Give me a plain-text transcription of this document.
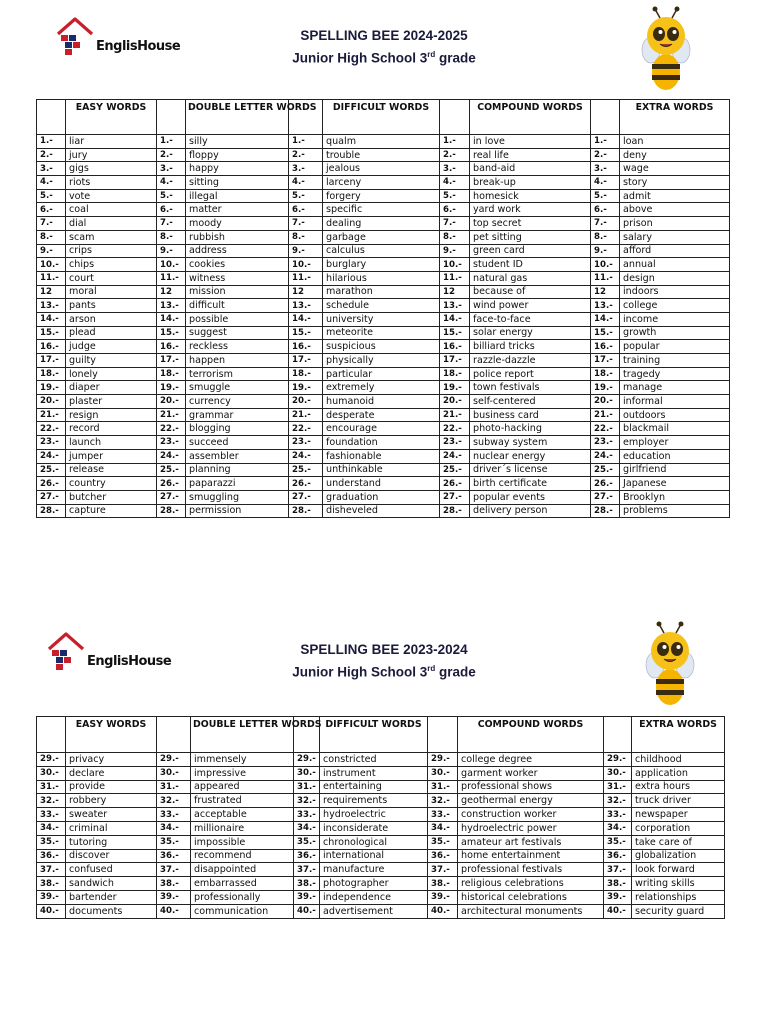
EnglisHouse
SPELLING BEE 2024-2025
Junior High School 3rd grade
	EASY WORDS		DOUBLE LETTER WORDS		DIFFICULT WORDS		COMPOUND WORDS		EXTRA WORDS
1.-	liar	1.-	silly	1.-	qualm	1.-	in love	1.-	loan
2.-	jury	2.-	floppy	2.-	trouble	2.-	real life	2.-	deny
3.-	gigs	3.-	happy	3.-	jealous	3.-	band-aid	3.-	wage
4.-	riots	4.-	sitting	4.-	larceny	4.-	break-up	4.-	story
5.-	vote	5.-	illegal	5.-	forgery	5.-	homesick	5.-	admit
6.-	coal	6.-	matter	6.-	specific	6.-	yard work	6.-	above
7.-	dial	7.-	moody	7.-	dealing	7.-	top secret	7.-	prison
8.-	scam	8.-	rubbish	8.-	garbage	8.-	pet sitting	8.-	salary
9.-	crips	9.-	address	9.-	calculus	9.-	green card	9.-	afford
10.-	chips	10.-	cookies	10.-	burglary	10.-	student ID	10.-	annual
11.-	court	11.-	witness	11.-	hilarious	11.-	natural gas	11.-	design
12	moral	12	mission	12	marathon	12	because of	12	indoors
13.-	pants	13.-	difficult	13.-	schedule	13.-	wind power	13.-	college
14.-	arson	14.-	possible	14.-	university	14.-	face-to-face	14.-	income
15.-	plead	15.-	suggest	15.-	meteorite	15.-	solar energy	15.-	growth
16.-	judge	16.-	reckless	16.-	suspicious	16.-	billiard tricks	16.-	popular
17.-	guilty	17.-	happen	17.-	physically	17.-	razzle-dazzle	17.-	training
18.-	lonely	18.-	terrorism	18.-	particular	18.-	police report	18.-	tragedy
19.-	diaper	19.-	smuggle	19.-	extremely	19.-	town festivals	19.-	manage
20.-	plaster	20.-	currency	20.-	humanoid	20.-	self-centered	20.-	informal
21.-	resign	21.-	grammar	21.-	desperate	21.-	business card	21.-	outdoors
22.-	record	22.-	blogging	22.-	encourage	22.-	photo-hacking	22.-	blackmail
23.-	launch	23.-	succeed	23.-	foundation	23.-	subway system	23.-	employer
24.-	jumper	24.-	assembler	24.-	fashionable	24.-	nuclear energy	24.-	education
25.-	release	25.-	planning	25.-	unthinkable	25.-	driver´s license	25.-	girlfriend
26.-	country	26.-	paparazzi	26.-	understand	26.-	birth certificate	26.-	Japanese
27.-	butcher	27.-	smuggling	27.-	graduation	27.-	popular events	27.-	Brooklyn
28.-	capture	28.-	permission	28.-	disheveled	28.-	delivery person	28.-	problems
EnglisHouse
SPELLING BEE 2023-2024
Junior High School 3rd grade
	EASY WORDS		DOUBLE LETTER WORDS		DIFFICULT WORDS		COMPOUND WORDS		EXTRA WORDS
29.-	privacy	29.-	immensely	29.-	constricted	29.-	college degree	29.-	childhood
30.-	declare	30.-	impressive	30.-	instrument	30.-	garment worker	30.-	application
31.-	provide	31.-	appeared	31.-	entertaining	31.-	professional shows	31.-	extra hours
32.-	robbery	32.-	frustrated	32.-	requirements	32.-	geothermal energy	32.-	truck driver
33.-	sweater	33.-	acceptable	33.-	hydroelectric	33.-	construction worker	33.-	newspaper
34.-	criminal	34.-	millionaire	34.-	inconsiderate	34.-	hydroelectric power	34.-	corporation
35.-	tutoring	35.-	impossible	35.-	chronological	35.-	amateur art festivals	35.-	take care of
36.-	discover	36.-	recommend	36.-	international	36.-	home entertainment	36.-	globalization
37.-	confused	37.-	disappointed	37.-	manufacture	37.-	professional festivals	37.-	look forward
38.-	sandwich	38.-	embarrassed	38.-	photographer	38.-	religious celebrations	38.-	writing skills
39.-	bartender	39.-	professionally	39.-	independence	39.-	historical celebrations	39.-	relationships
40.-	documents	40.-	communication	40.-	advertisement	40.-	architectural monuments	40.-	security guard
